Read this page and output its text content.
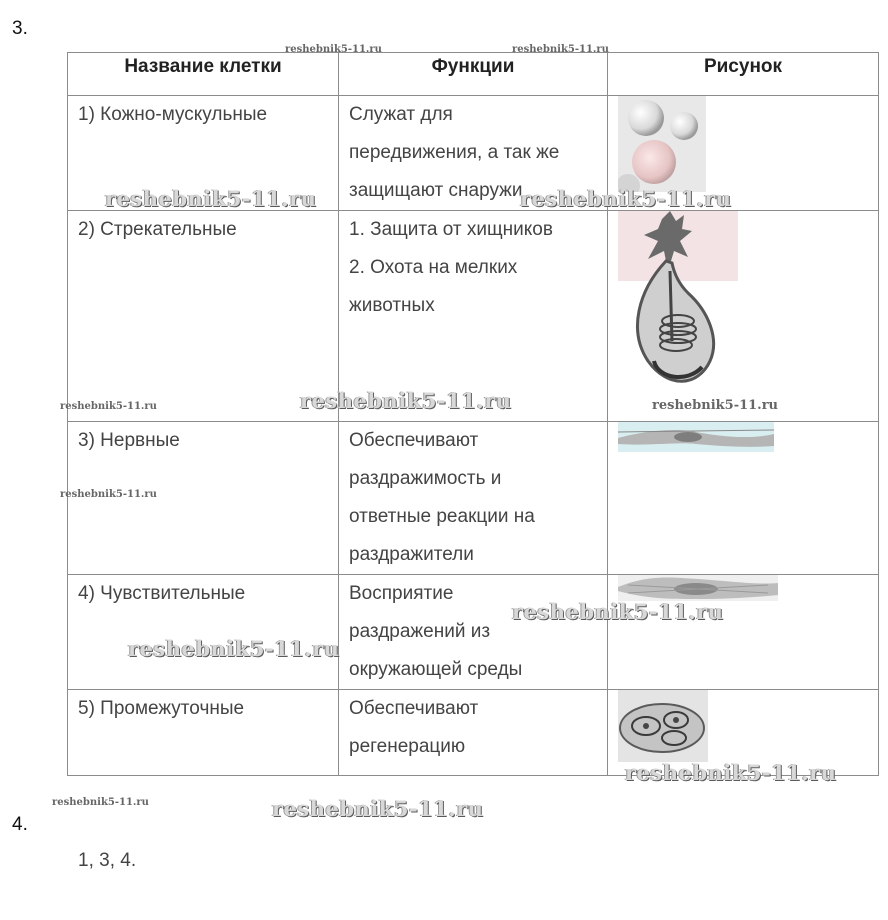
3.
Название клетки	Функции	Рисунок
1) Кожно-мускульные	Служат для
передвижения, а так же
защищают снаружи

2) Стрекательные	1. Защита от хищников
2. Охота на мелких
животных

3) Нервные	Обеспечивают
раздражимость и
ответные реакции на
раздражители

4) Чувствительные	Восприятие
раздражений из
окружающей среды

5) Промежуточные	Обеспечивают
регенерацию

reshebnik5-11.ru	reshebnik5-11.ru
reshebnik5-11.ru	reshebnik5-11.ru
reshebnik5-11.ru	reshebnik5-11.ru	reshebnik5-11.ru
reshebnik5-11.ru
reshebnik5-11.ru
reshebnik5-11.ru
reshebnik5-11.ru
reshebnik5-11.ru	reshebnik5-11.ru
4.
1, 3, 4.
